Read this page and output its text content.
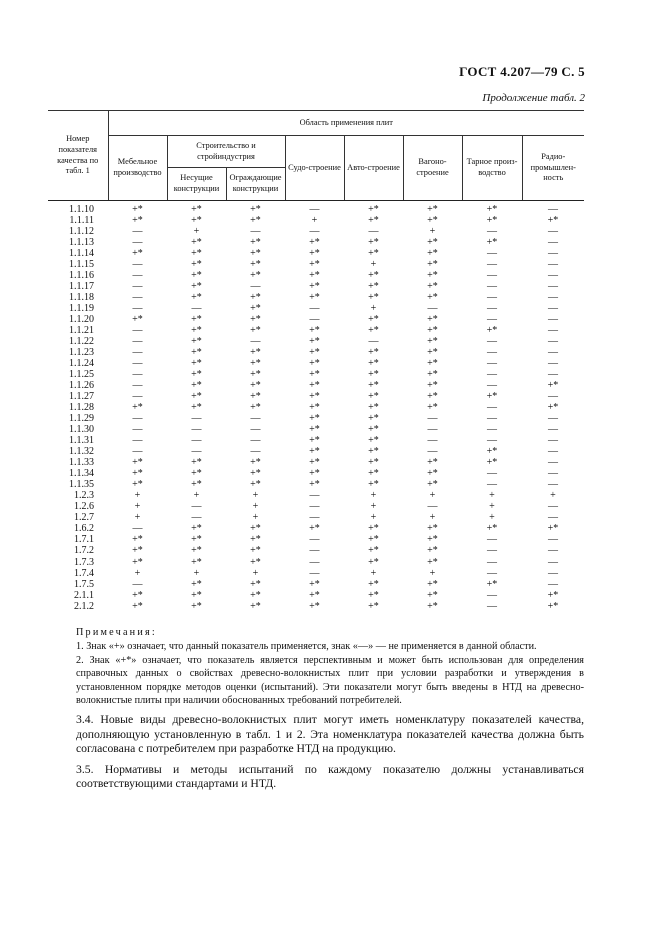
ГОСТ 4.207—79 С. 5
Продолжение табл. 2
Номер показателя качества по табл. 1	Область применения плит							
	Мебельное производство	Строительство и стройиндустрия		Судо-строение	Авто-строение	Вагоно-строение	Тарное произ-водство	Радио-промышлен-ность
		Несущие конструкции	Ограждающие конструкции					
1.1.10	+*	+*	+*	—	+*	+*	+*	—
1.1.11	+*	+*	+*	+	+*	+*	+*	+*
1.1.12	—	+	—	—	—	+	—	—
1.1.13	—	+*	+*	+*	+*	+*	+*	—
1.1.14	+*	+*	+*	+*	+*	+*	—	—
1.1.15	—	+*	+*	+*	+	+*	—	—
1.1.16	—	+*	+*	+*	+*	+*	—	—
1.1.17	—	+*	—	+*	+*	+*	—	—
1.1.18	—	+*	+*	+*	+*	+*	—	—
1.1.19	—	—	+*	—	+	—	—	—
1.1.20	+*	+*	+*	—	+*	+*	—	—
1.1.21	—	+*	+*	+*	+*	+*	+*	—
1.1.22	—	+*	—	+*	—	+*	—	—
1.1.23	—	+*	+*	+*	+*	+*	—	—
1.1.24	—	+*	+*	+*	+*	+*	—	—
1.1.25	—	+*	+*	+*	+*	+*	—	—
1.1.26	—	+*	+*	+*	+*	+*	—	+*
1.1.27	—	+*	+*	+*	+*	+*	+*	—
1.1.28	+*	+*	+*	+*	+*	+*	—	+*
1.1.29	—	—	—	+*	+*	—	—	—
1.1.30	—	—	—	+*	+*	—	—	—
1.1.31	—	—	—	+*	+*	—	—	—
1.1.32	—	—	—	+*	+*	—	+*	—
1.1.33	+*	+*	+*	+*	+*	+*	+*	—
1.1.34	+*	+*	+*	+*	+*	+*	—	—
1.1.35	+*	+*	+*	+*	+*	+*	—	—
1.2.3	+	+	+	—	+	+	+	+
1.2.6	+	—	+	—	+	—	+	—
1.2.7	+	—	+	—	+	+	+	—
1.6.2	—	+*	+*	+*	+*	+*	+*	+*
1.7.1	+*	+*	+*	—	+*	+*	—	—
1.7.2	+*	+*	+*	—	+*	+*	—	—
1.7.3	+*	+*	+*	—	+*	+*	—	—
1.7.4	+	+	+	—	+	+	—	—
1.7.5	—	+*	+*	+*	+*	+*	+*	—
2.1.1	+*	+*	+*	+*	+*	+*	—	+*
2.1.2	+*	+*	+*	+*	+*	+*	—	+*
Примечания:

1. Знак «+» означает, что данный показатель применяется, знак «—» — не применяется в данной области.

2. Знак «+*» означает, что показатель является перспективным и может быть использован для определения справочных данных о свойствах древесно-волокнистых плит при условии разработки и утверждения в установленном порядке методов оценки (испытаний). Эти показатели могут быть введены в НТД на древесно-волокнистые плиты при наличии обоснованных требований потребителей.

3.4. Новые виды древесно-волокнистых плит могут иметь номенклатуру показателей качества, дополняющую установленную в табл. 1 и 2. Эта номенклатура показателей качества должна быть согласована с потребителем при разработке НТД на продукцию.

3.5. Нормативы и методы испытаний по каждому показателю должны устанавливаться соответствующими стандартами и НТД.
